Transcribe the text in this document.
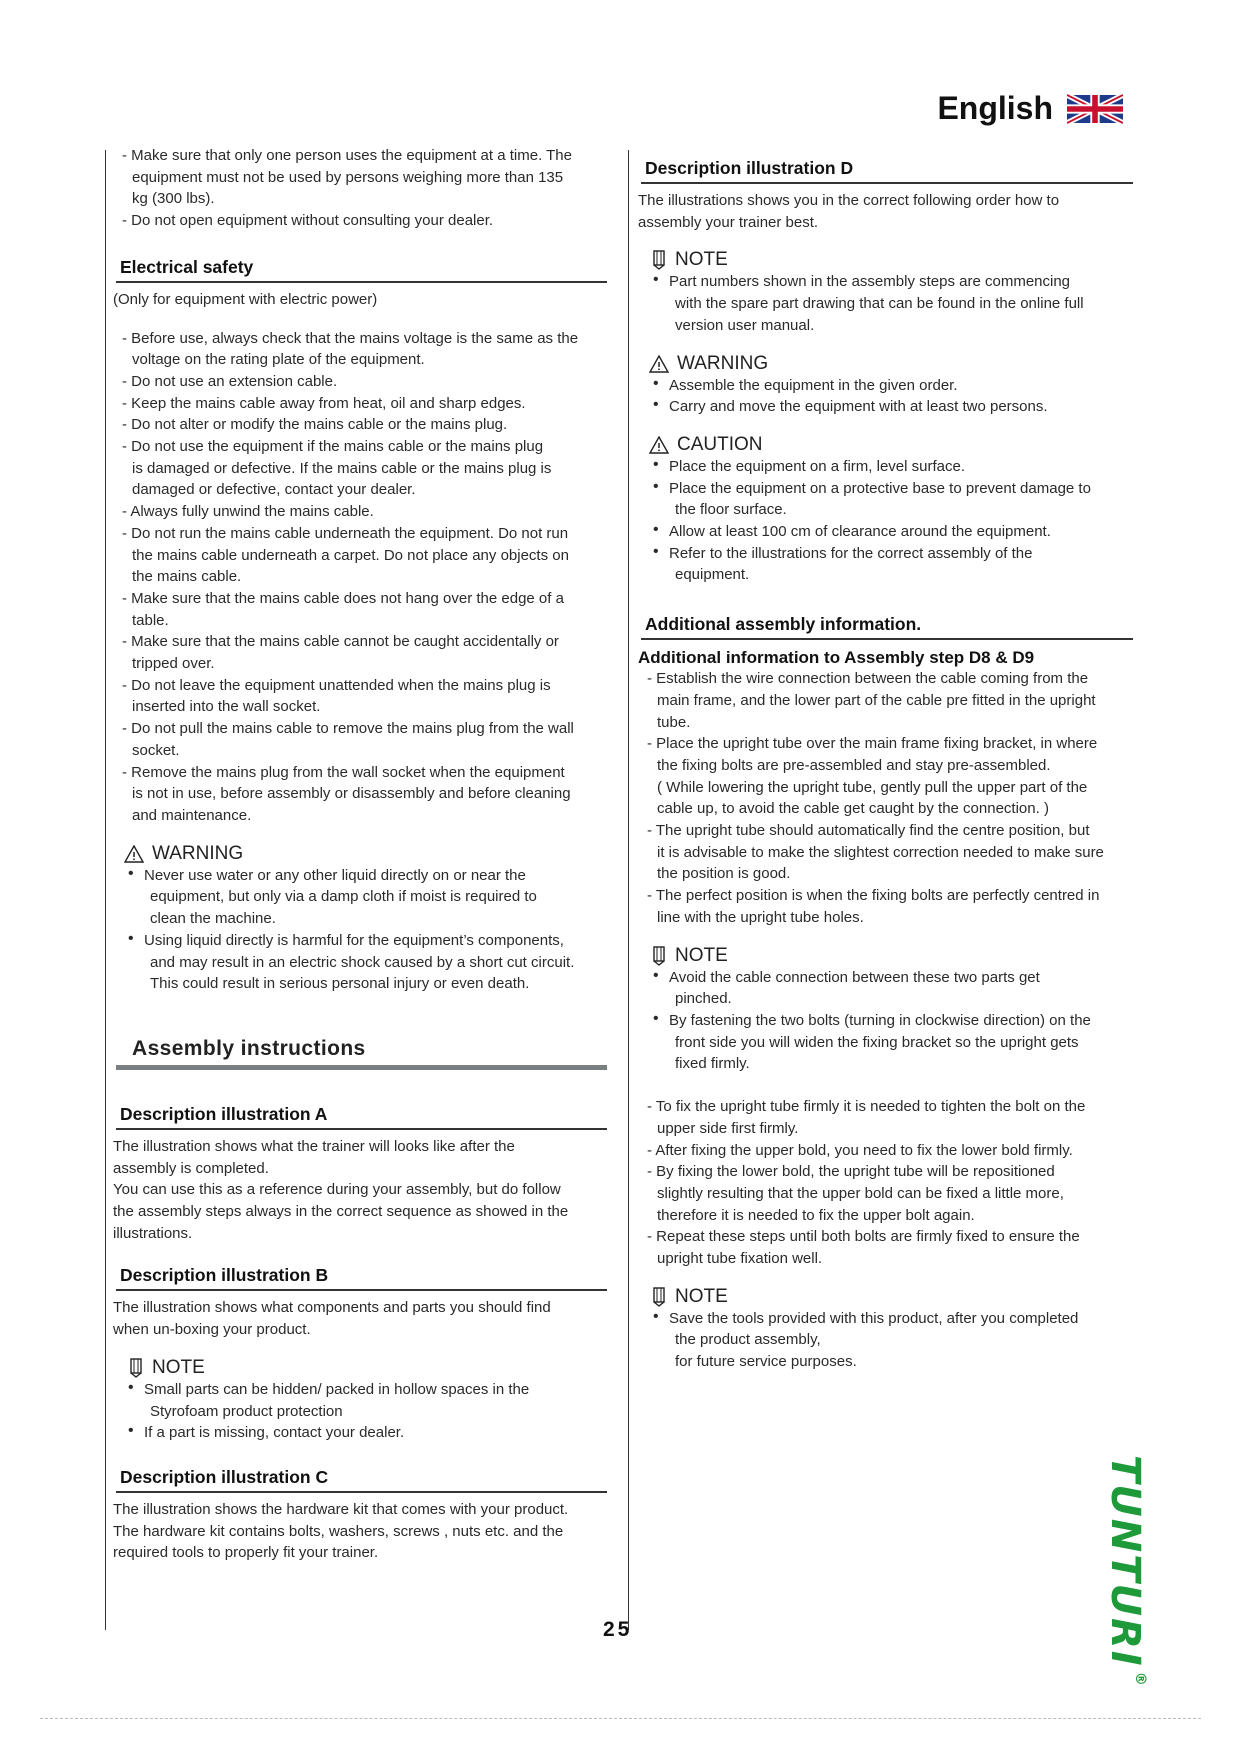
English

- Make sure that only one person uses the equipment at a time. The

equipment must not be used by persons weighing more than 135

kg (300 lbs).

- Do not open equipment without consulting your dealer.

Electrical safety

(Only for equipment with electric power)

- Before use, always check that the mains voltage is the same as the

voltage on the rating plate of the equipment.

- Do not use an extension cable.

- Keep the mains cable away from heat, oil and sharp edges.

- Do not alter or modify the mains cable or the mains plug.

- Do not use the equipment if the mains cable or the mains plug

is damaged or defective. If the mains cable or the mains plug is

damaged or defective, contact your dealer.

- Always fully unwind the mains cable.

- Do not run the mains cable underneath the equipment. Do not run

the mains cable underneath a carpet. Do not place any objects on

the mains cable.

- Make sure that the mains cable does not hang over the edge of a

table.

- Make sure that the mains cable cannot be caught accidentally or

tripped over.

- Do not leave the equipment unattended when the mains plug is

inserted into the wall socket.

- Do not pull the mains cable to remove the mains plug from the wall

socket.

- Remove the mains plug from the wall socket when the equipment

is not in use, before assembly or disassembly and before cleaning

and maintenance.

WARNING

• Never use water or any other liquid directly on or near the

equipment, but only via a damp cloth if moist is required to

clean the machine.

• Using liquid directly is harmful for the equipment’s components,

and may result in an electric shock caused by a short cut circuit.

This could result in serious personal injury or even death.

Assembly instructions
Description illustration A

The illustration shows what the trainer will looks like after the

assembly is completed.

You can use this as a reference during your assembly, but do follow

the assembly steps always in the correct sequence as showed in the

illustrations.

Description illustration B

The illustration shows what components and parts you should find

when un-boxing your product.

NOTE

• Small parts can be hidden/ packed in hollow spaces in the

Styrofoam product protection

• If a part is missing, contact your dealer.

Description illustration C

The illustration shows the hardware kit that comes with your product.

The hardware kit contains bolts, washers, screws , nuts etc. and the

required tools to properly fit your trainer.

Description illustration D

The illustrations shows you in the correct following order how to

assembly your trainer best.

NOTE

• Part numbers shown in the assembly steps are commencing

with the spare part drawing that can be found in the online full

version user manual.

WARNING

• Assemble the equipment in the given order.

• Carry and move the equipment with at least two persons.

CAUTION

• Place the equipment on a firm, level surface.

• Place the equipment on a protective base to prevent damage to

the floor surface.

• Allow at least 100 cm of clearance around the equipment.

• Refer to the illustrations for the correct assembly of the

equipment.

Additional assembly information.

Additional information to Assembly step D8 & D9

- Establish the wire connection between the cable coming from the

main frame, and the lower part of the cable pre fitted in the upright

tube.

- Place the upright tube over the main frame fixing bracket, in where

the fixing bolts are pre-assembled and stay pre-assembled.

( While lowering the upright tube, gently pull the upper part of the

cable up, to avoid the cable get caught by the connection. )

- The upright tube should automatically find the centre position, but

it is advisable to make the slightest correction needed to make sure

the position is good.

- The perfect position is when the fixing bolts are perfectly centred in

line with the upright tube holes.

NOTE

• Avoid the cable connection between these two parts get

pinched.

• By fastening the two bolts (turning in clockwise direction) on the

front side you will widen the fixing bracket so the upright gets

fixed firmly.

- To fix the upright tube firmly it is needed to tighten the bolt on the

upper side first firmly.

- After fixing the upper bold, you need to fix the lower bold firmly.

- By fixing the lower bold, the upright tube will be repositioned

slightly resulting that the upper bold can be fixed a little more,

therefore it is needed to fix the upper bolt again.

- Repeat these steps until both bolts are firmly fixed to ensure the

upright tube fixation well.

NOTE

• Save the tools provided with this product, after you completed

the product assembly,

for future service purposes.

25	TUNTURI®
